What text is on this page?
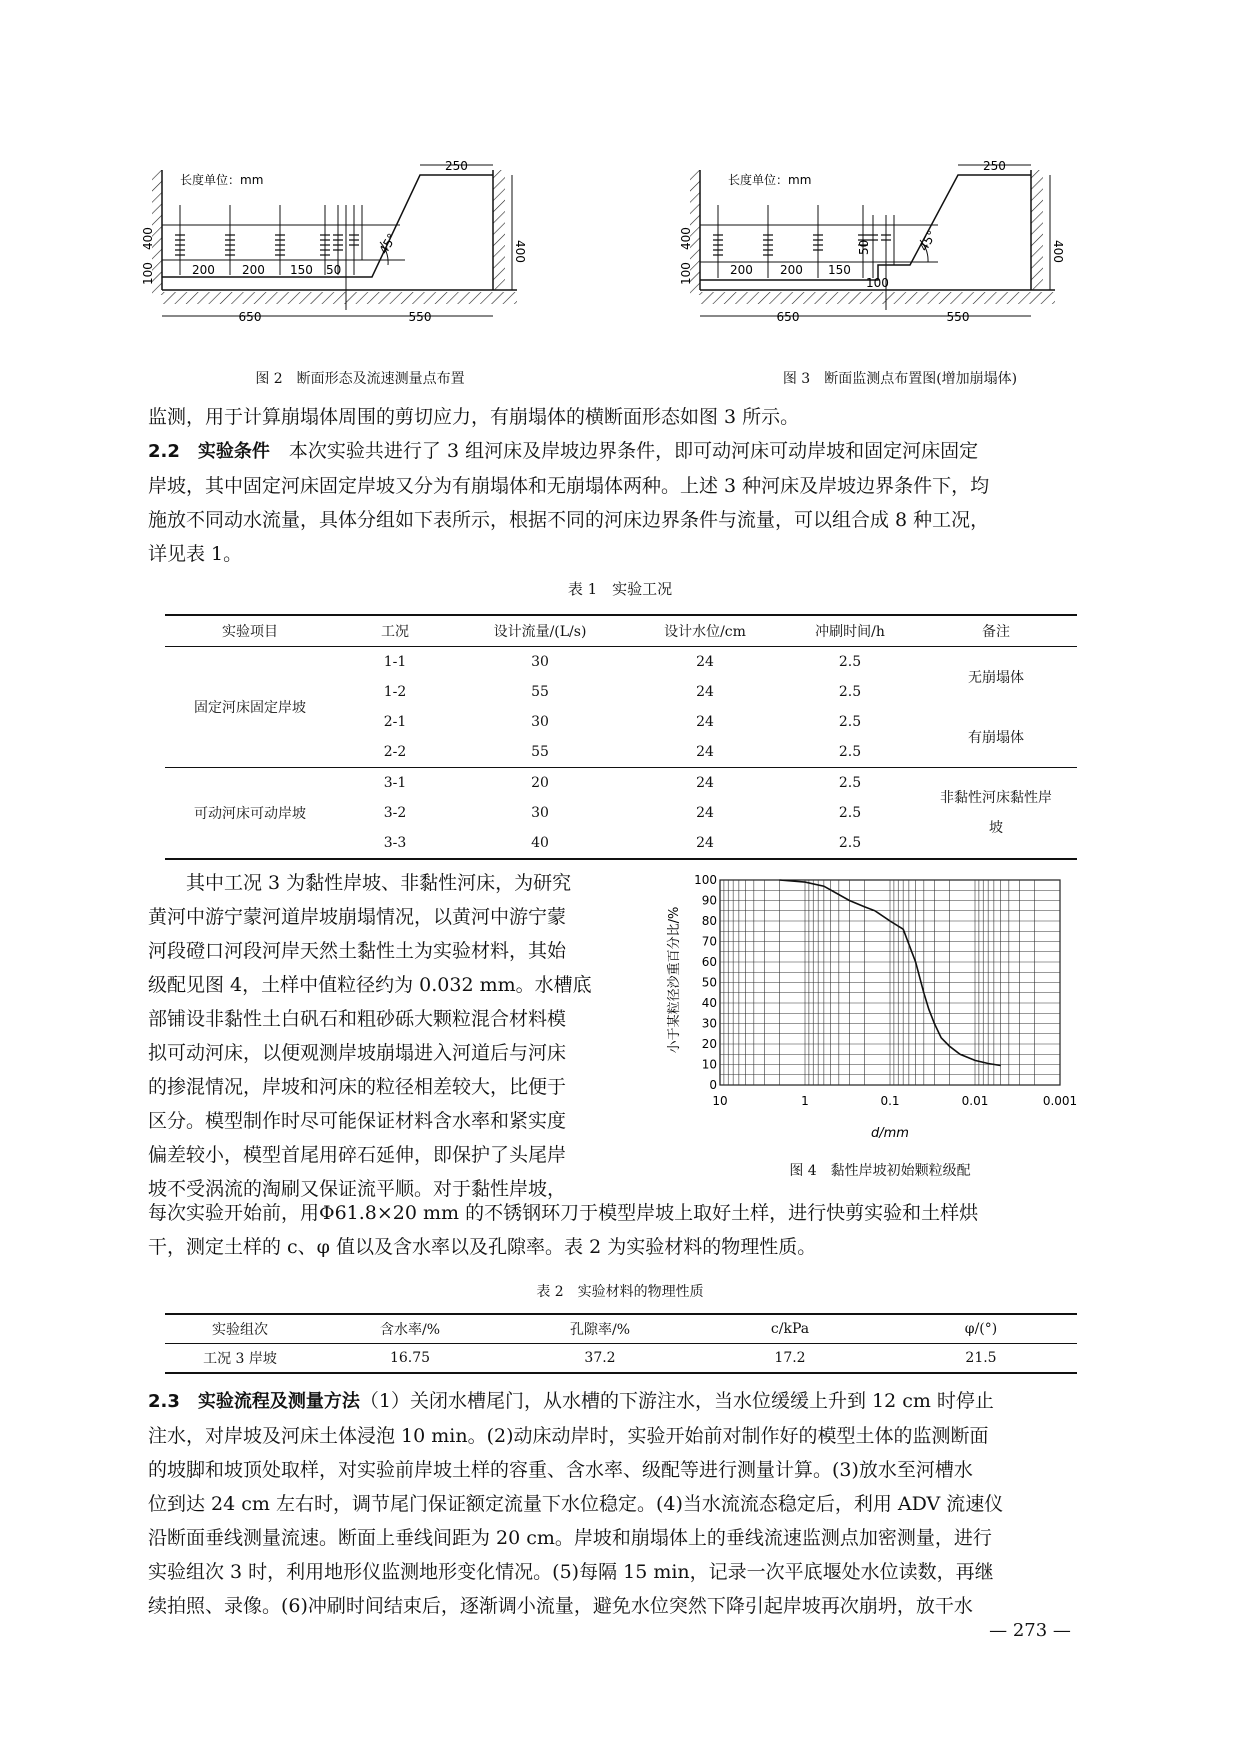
45°
250
400
400
100	200 200 150 50
650	550
长度单位：mm
图 2　断面形态及流速测量点布置
45°
250
400
400
100	200 200 150
50
100
650	550
长度单位：mm
图 3　断面监测点布置图(增加崩塌体)
监测，用于计算崩塌体周围的剪切应力，有崩塌体的横断面形态如图 3 所示。
2.2　实验条件　 本次实验共进行了 3 组河床及岸坡边界条件，即可动河床可动岸坡和固定河床固定
岸坡，其中固定河床固定岸坡又分为有崩塌体和无崩塌体两种。上述 3 种河床及岸坡边界条件下，均
施放不同动水流量，具体分组如下表所示，根据不同的河床边界条件与流量，可以组合成 8 种工况，
详见表 1。
表 1　实验工况
实验项目	工况	设计流量/(L/s)	设计水位/cm	冲刷时间/h	备注
固定河床固定岸坡	1-1	30	24	2.5	无崩塌体
	1-2	55	24	2.5	
	2-1	30	24	2.5	有崩塌体
	2-2	55	24	2.5	
可动河床可动岸坡	3-1	20	24	2.5	非黏性河床黏性岸
坡
	3-2	30	24	2.5	
	3-3	40	24	2.5	
其中工况 3 为黏性岸坡、非黏性河床，为研究
黄河中游宁蒙河道岸坡崩塌情况，以黄河中游宁蒙
河段磴口河段河岸天然土黏性土为实验材料，其始
级配见图 4，土样中值粒径约为 0.032 mm。水槽底
部铺设非黏性土白矾石和粗砂砾大颗粒混合材料模
拟可动河床，以便观测岸坡崩塌进入河道后与河床
的掺混情况，岸坡和河床的粒径相差较大，比便于
区分。模型制作时尽可能保证材料含水率和紧实度
偏差较小，模型首尾用碎石延伸，即保护了头尾岸
坡不受涡流的淘刷又保证流平顺。对于黏性岸坡，
0
10
20
30
40
50
60
70
80
90
100
10	1	0.1	0.01	0.001
小于某粒径沙重百分比/%
d/mm
图 4　黏性岸坡初始颗粒级配
每次实验开始前，用Φ61.8×20 mm 的不锈钢环刀于模型岸坡上取好土样，进行快剪实验和土样烘
干，测定土样的 c、φ 值以及含水率以及孔隙率。表 2 为实验材料的物理性质。
表 2　实验材料的物理性质
实验组次	含水率/%	孔隙率/%	c/kPa	φ/(°)
工况 3 岸坡	16.75	37.2	17.2	21.5
2.3　实验流程及测量方法（1）关闭水槽尾门，从水槽的下游注水，当水位缓缓上升到 12 cm 时停止
注水，对岸坡及河床土体浸泡 10 min。(2)动床动岸时，实验开始前对制作好的模型土体的监测断面
的坡脚和坡顶处取样，对实验前岸坡土样的容重、含水率、级配等进行测量计算。(3)放水至河槽水
位到达 24 cm 左右时，调节尾门保证额定流量下水位稳定。(4)当水流流态稳定后，利用 ADV 流速仪
沿断面垂线测量流速。断面上垂线间距为 20 cm。岸坡和崩塌体上的垂线流速监测点加密测量，进行
实验组次 3 时，利用地形仪监测地形变化情况。(5)每隔 15 min，记录一次平底堰处水位读数，再继
续拍照、录像。(6)冲刷时间结束后，逐渐调小流量，避免水位突然下降引起岸坡再次崩坍，放干水
— 273 —
